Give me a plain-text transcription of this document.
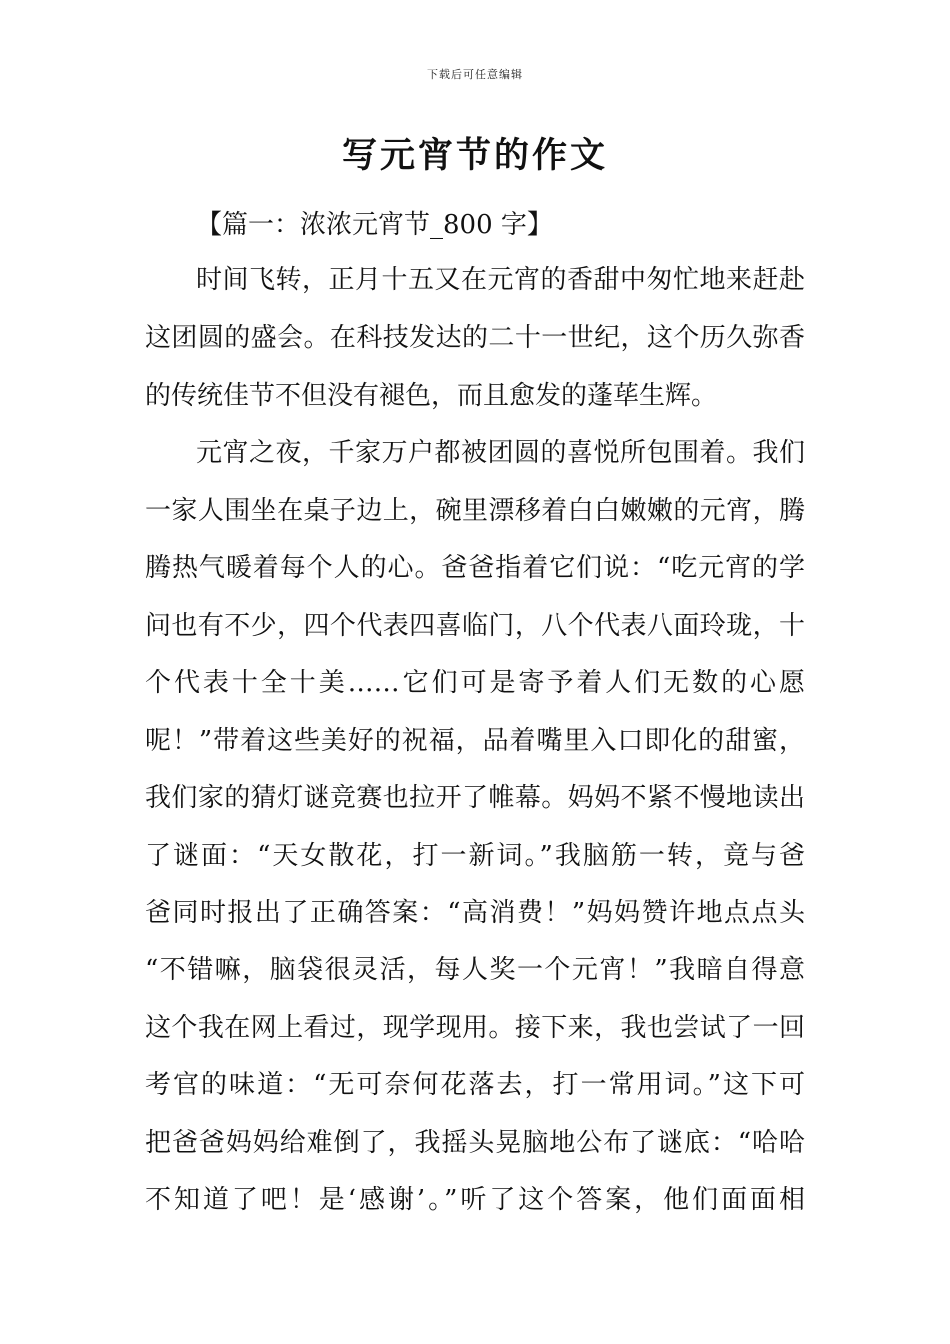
下载后可任意编辑
写元宵节的作文
【篇一：浓浓元宵节_800 字】
时间飞转，正月十五又在元宵的香甜中匆忙地来赶赴
这团圆的盛会。在科技发达的二十一世纪，这个历久弥香
的传统佳节不但没有褪色，而且愈发的蓬荜生辉。
元宵之夜，千家万户都被团圆的喜悦所包围着。我们
一家人围坐在桌子边上，碗里漂移着白白嫩嫩的元宵，腾
腾热气暖着每个人的心。爸爸指着它们说：“吃元宵的学
问也有不少，四个代表四喜临门，八个代表八面玲珑，十
个代表十全十美……它们可是寄予着人们无数的心愿
呢！”带着这些美好的祝福，品着嘴里入口即化的甜蜜，
我们家的猜灯谜竞赛也拉开了帷幕。妈妈不紧不慢地读出
了谜面：“天女散花，打一新词。”我脑筋一转，竟与爸
爸同时报出了正确答案：“高消费！”妈妈赞许地点点头
“不错嘛，脑袋很灵活，每人奖一个元宵！”我暗自得意
这个我在网上看过，现学现用。接下来，我也尝试了一回
考官的味道：“无可奈何花落去，打一常用词。”这下可
把爸爸妈妈给难倒了，我摇头晃脑地公布了谜底：“哈哈
不知道了吧！是‘感谢’。”听了这个答案，他们面面相
